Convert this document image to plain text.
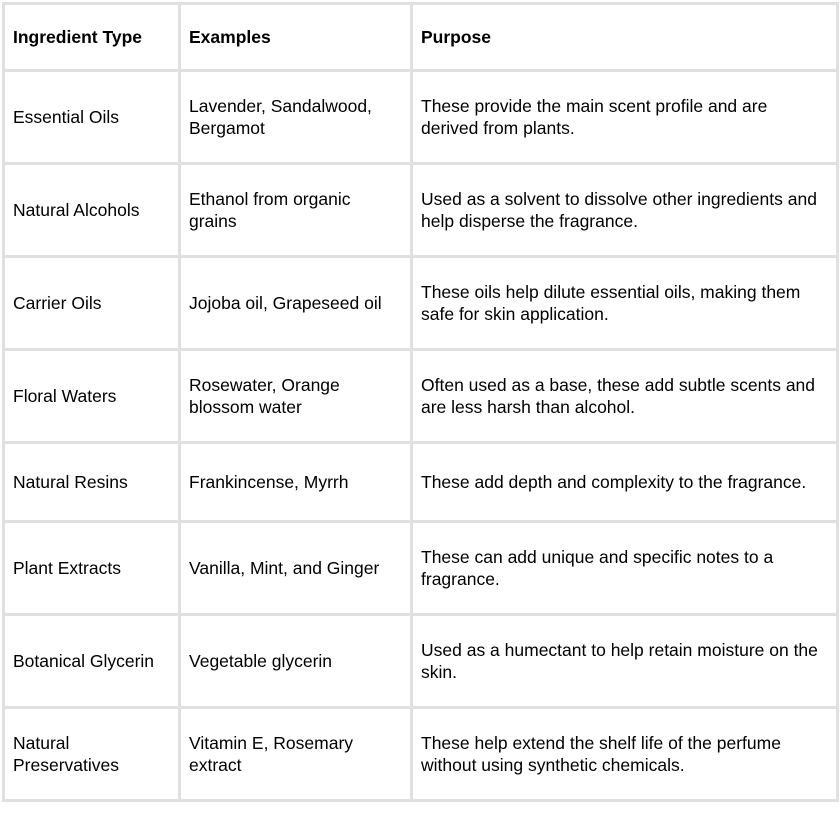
Ingredient Type	Examples	Purpose
Essential Oils	Lavender, Sandalwood, Bergamot	These provide the main scent profile and are derived from plants.
Natural Alcohols	Ethanol from organic grains	Used as a solvent to dissolve other ingredients and help disperse the fragrance.
Carrier Oils	Jojoba oil, Grapeseed oil	These oils help dilute essential oils, making them safe for skin application.
Floral Waters	Rosewater, Orange blossom water	Often used as a base, these add subtle scents and are less harsh than alcohol.
Natural Resins	Frankincense, Myrrh	These add depth and complexity to the fragrance.
Plant Extracts	Vanilla, Mint, and Ginger	These can add unique and specific notes to a fragrance.
Botanical Glycerin	Vegetable glycerin	Used as a humectant to help retain moisture on the skin.
Natural Preservatives	Vitamin E, Rosemary extract	These help extend the shelf life of the perfume without using synthetic chemicals.
